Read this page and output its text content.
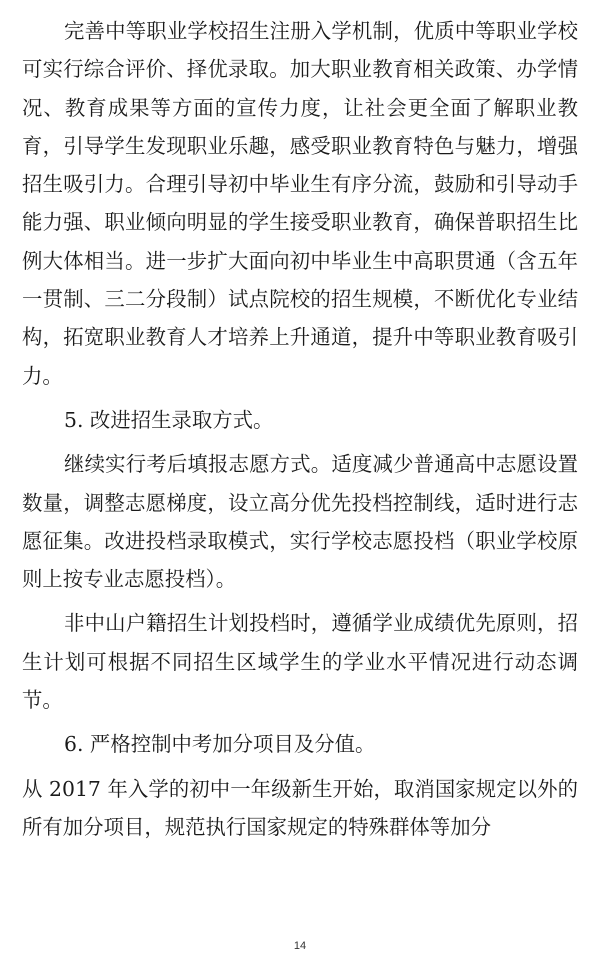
完善中等职业学校招生注册入学机制，优质中等职业学校可实行综合评价、择优录取。加大职业教育相关政策、办学情况、教育成果等方面的宣传力度，让社会更全面了解职业教育，引导学生发现职业乐趣，感受职业教育特色与魅力，增强招生吸引力。合理引导初中毕业生有序分流，鼓励和引导动手能力强、职业倾向明显的学生接受职业教育，确保普职招生比例大体相当。进一步扩大面向初中毕业生中高职贯通（含五年一贯制、三二分段制）试点院校的招生规模，不断优化专业结构，拓宽职业教育人才培养上升通道，提升中等职业教育吸引力。

5. 改进招生录取方式。

继续实行考后填报志愿方式。适度减少普通高中志愿设置数量，调整志愿梯度，设立高分优先投档控制线，适时进行志愿征集。改进投档录取模式，实行学校志愿投档（职业学校原则上按专业志愿投档）。

非中山户籍招生计划投档时，遵循学业成绩优先原则，招生计划可根据不同招生区域学生的学业水平情况进行动态调节。

6. 严格控制中考加分项目及分值。

从 2017 年入学的初中一年级新生开始，取消国家规定以外的所有加分项目，规范执行国家规定的特殊群体等加分

14
